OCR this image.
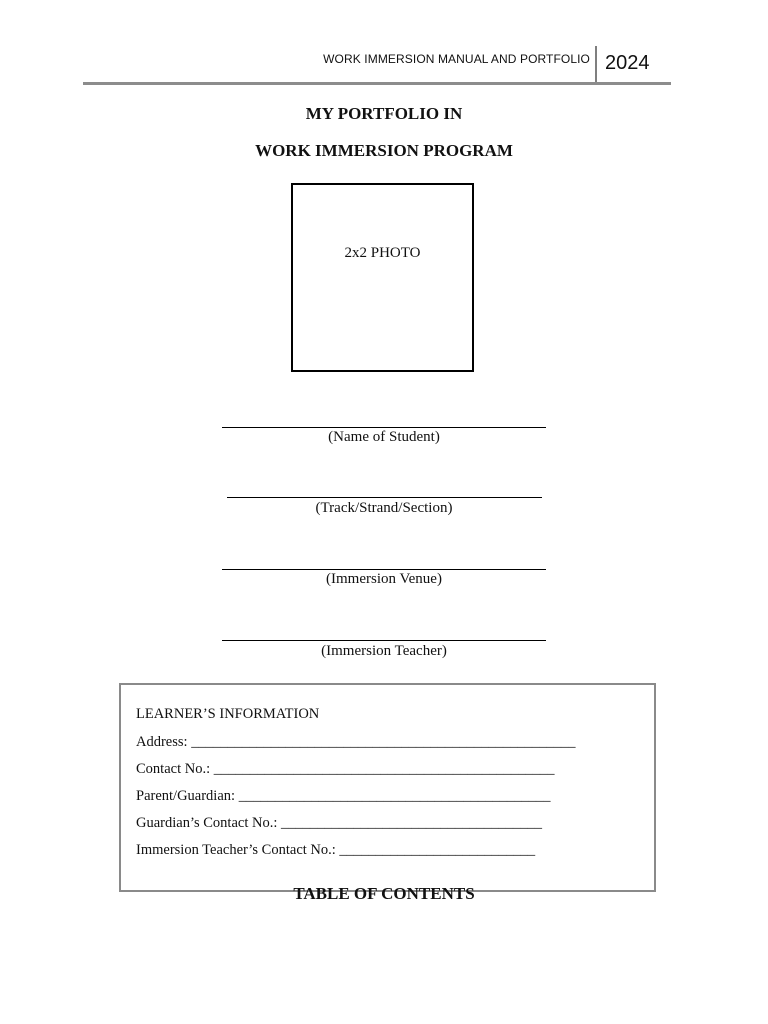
WORK IMMERSION MANUAL AND PORTFOLIO 2024
MY PORTFOLIO IN
WORK IMMERSION PROGRAM
2x2 PHOTO
(Name of Student)
(Track/Strand/Section)
(Immersion Venue)
(Immersion Teacher)
LEARNER’S INFORMATION
Address: _____________________________________________________
Contact No.: _______________________________________________
Parent/Guardian: ___________________________________________
Guardian’s Contact No.: ____________________________________
Immersion Teacher’s Contact No.: ___________________________
TABLE OF CONTENTS
